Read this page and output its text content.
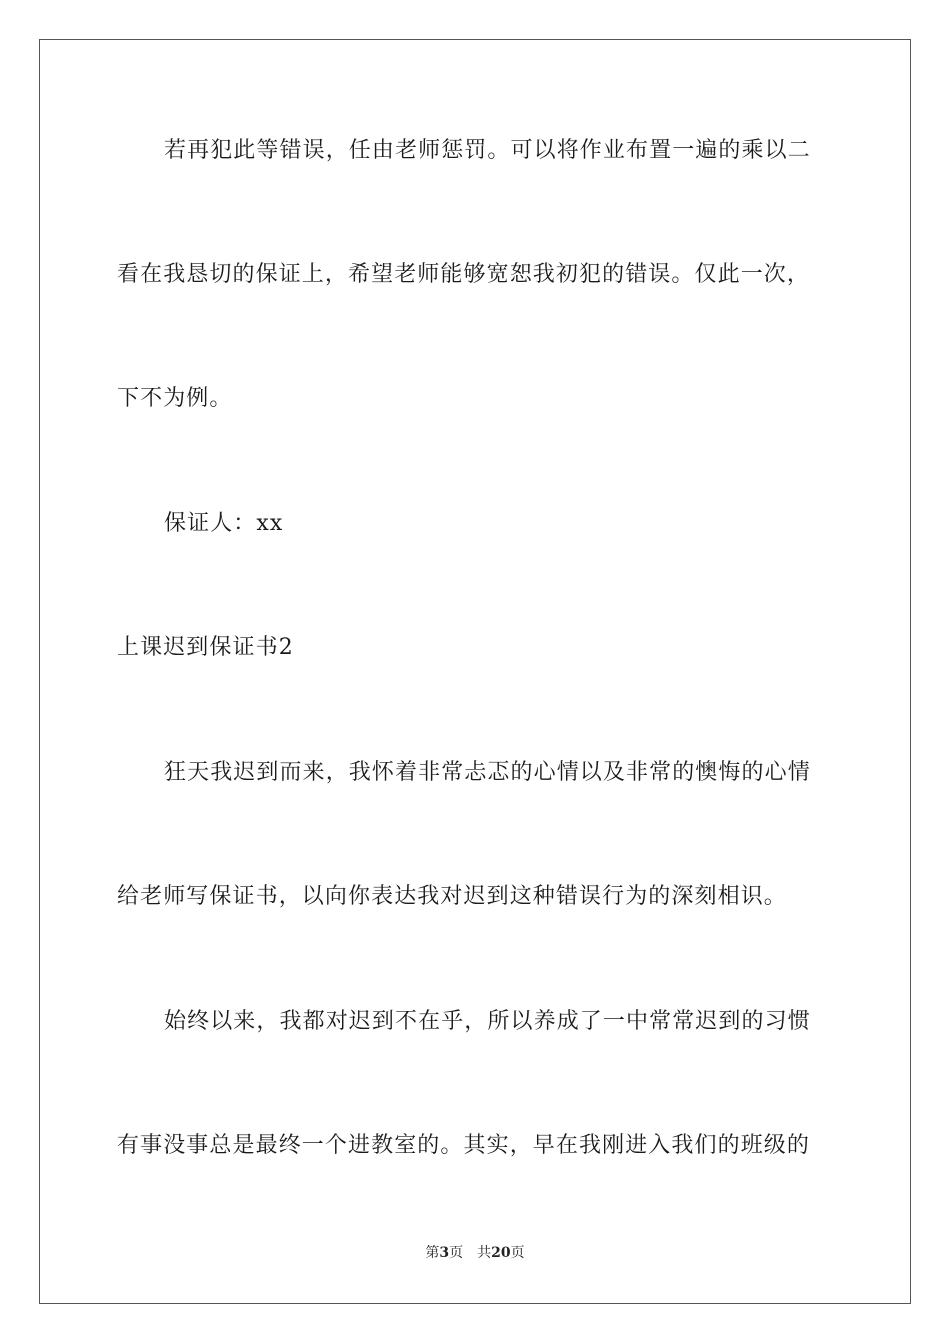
若再犯此等错误，任由老师惩罚。可以将作业布置一遍的乘以二
看在我恳切的保证上，希望老师能够宽恕我初犯的错误。仅此一次，
下不为例。
保证人：xx
上课迟到保证书2
狂天我迟到而来，我怀着非常忐忑的心情以及非常的懊悔的心情
给老师写保证书，以向你表达我对迟到这种错误行为的深刻相识。
始终以来，我都对迟到不在乎，所以养成了一中常常迟到的习惯
有事没事总是最终一个进教室的。其实，早在我刚进入我们的班级的
第3页 共20页
